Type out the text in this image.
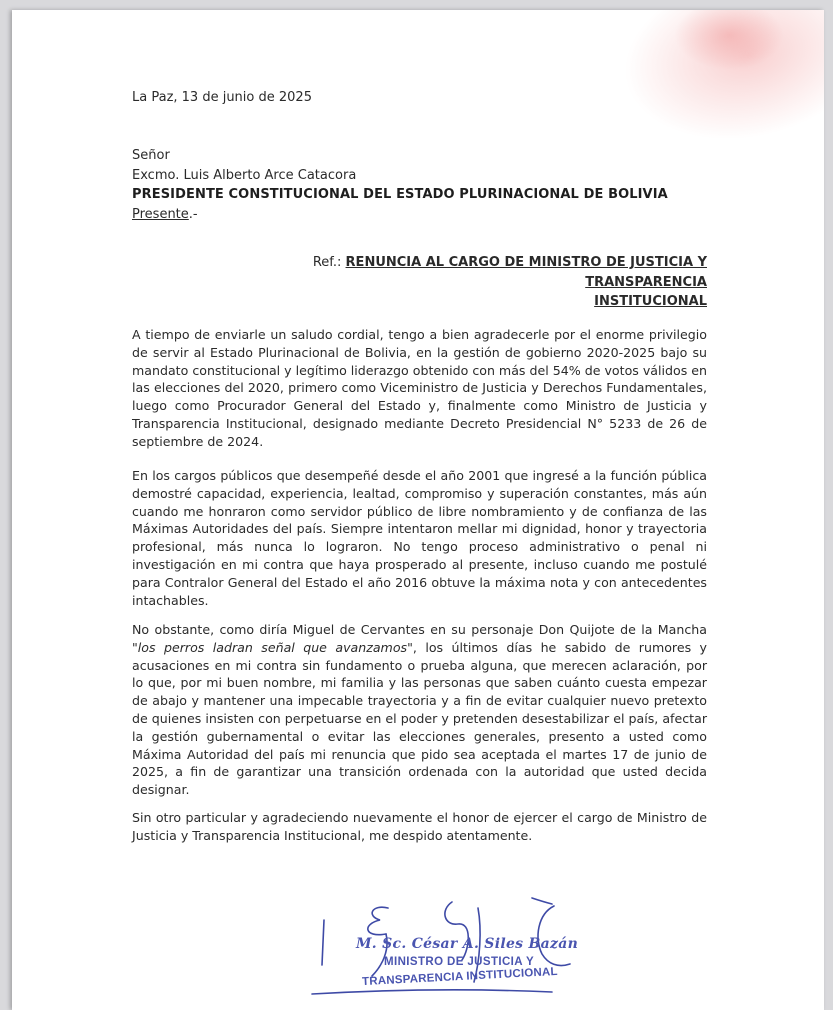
La Paz, 13 de junio de 2025

Señor
Excmo. Luis Alberto Arce Catacora
PRESIDENTE CONSTITUCIONAL DEL ESTADO PLURINACIONAL DE BOLIVIA
Presente.-
Ref.: RENUNCIA AL CARGO DE MINISTRO DE JUSTICIA Y TRANSPARENCIA
INSTITUCIONAL

A tiempo de enviarle un saludo cordial, tengo a bien agradecerle por el enorme privilegio de servir al Estado Plurinacional de Bolivia, en la gestión de gobierno 2020-2025 bajo su mandato constitucional y legítimo liderazgo obtenido con más del 54% de votos válidos en las elecciones del 2020, primero como Viceministro de Justicia y Derechos Fundamentales, luego como Procurador General del Estado y, finalmente como Ministro de Justicia y Transparencia Institucional, designado mediante Decreto Presidencial N° 5233 de 26 de septiembre de 2024.

En los cargos públicos que desempeñé desde el año 2001 que ingresé a la función pública demostré capacidad, experiencia, lealtad, compromiso y superación constantes, más aún cuando me honraron como servidor público de libre nombramiento y de confianza de las Máximas Autoridades del país. Siempre intentaron mellar mi dignidad, honor y trayectoria profesional, más nunca lo lograron. No tengo proceso administrativo o penal ni investigación en mi contra que haya prosperado al presente, incluso cuando me postulé para Contralor General del Estado el año 2016 obtuve la máxima nota y con antecedentes intachables.

No obstante, como diría Miguel de Cervantes en su personaje Don Quijote de la Mancha "los perros ladran señal que avanzamos", los últimos días he sabido de rumores y acusaciones en mi contra sin fundamento o prueba alguna, que merecen aclaración, por lo que, por mi buen nombre, mi familia y las personas que saben cuánto cuesta empezar de abajo y mantener una impecable trayectoria y a fin de evitar cualquier nuevo pretexto de quienes insisten con perpetuarse en el poder y pretenden desestabilizar el país, afectar la gestión gubernamental o evitar las elecciones generales, presento a usted como Máxima Autoridad del país mi renuncia que pido sea aceptada el martes 17 de junio de 2025, a fin de garantizar una transición ordenada con la autoridad que usted decida designar.

Sin otro particular y agradeciendo nuevamente el honor de ejercer el cargo de Ministro de Justicia y Transparencia Institucional, me despido atentamente.

M. Sc. César A. Siles Bazán
MINISTRO DE JUSTICIA Y
TRANSPARENCIA INSTITUCIONAL
